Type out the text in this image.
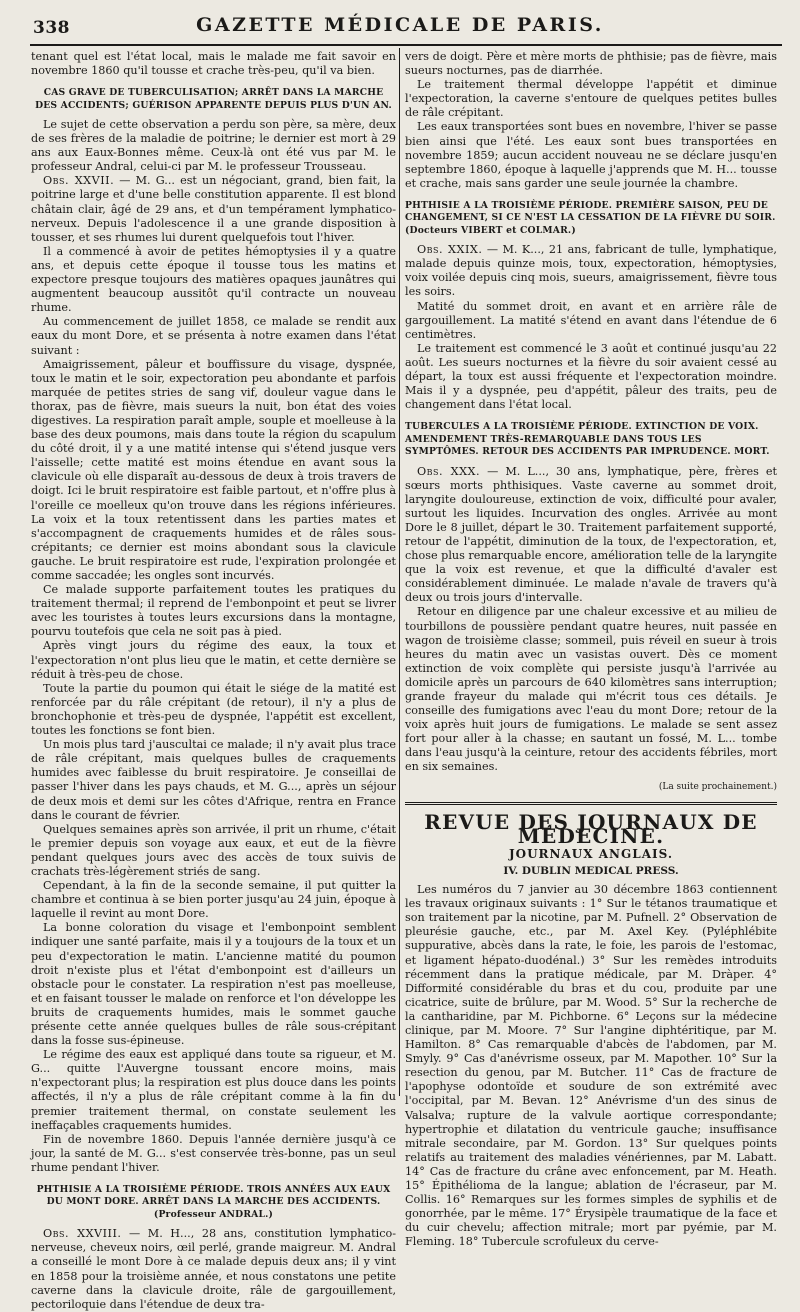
338	GAZETTE MÉDICALE DE PARIS.

tenant quel est l'état local, mais le malade me fait savoir en novembre 1860 qu'il tousse et crache très-peu, qu'il va bien.

CAS GRAVE DE TUBERCULISATION; ARRÊT DANS LA MARCHE DES ACCIDENTS; GUÉRISON APPARENTE DEPUIS PLUS D'UN AN.

Le sujet de cette observation a perdu son père, sa mère, deux de ses frères de la maladie de poitrine; le dernier est mort à 29 ans aux Eaux-Bonnes même. Ceux-là ont été vus par M. le professeur Andral, celui-ci par M. le professeur Trousseau.

Obs. XXVII. — M. G... est un négociant, grand, bien fait, la poitrine large et d'une belle constitution apparente. Il est blond châtain clair, âgé de 29 ans, et d'un tempérament lymphatico-nerveux. Depuis l'adolescence il a une grande disposition à tousser, et ses rhumes lui durent quelquefois tout l'hiver.

Il a commencé à avoir de petites hémoptysies il y a quatre ans, et depuis cette époque il tousse tous les matins et expectore presque toujours des matières opaques jaunâtres qui augmentent beaucoup aussitôt qu'il contracte un nouveau rhume.

Au commencement de juillet 1858, ce malade se rendit aux eaux du mont Dore, et se présenta à notre examen dans l'état suivant :

Amaigrissement, pâleur et bouffissure du visage, dyspnée, toux le matin et le soir, expectoration peu abondante et parfois marquée de petites stries de sang vif, douleur vague dans le thorax, pas de fièvre, mais sueurs la nuit, bon état des voies digestives. La respiration paraît ample, souple et moelleuse à la base des deux poumons, mais dans toute la région du scapulum du côté droit, il y a une matité intense qui s'étend jusque vers l'aisselle; cette matité est moins étendue en avant sous la clavicule où elle disparaît au-dessous de deux à trois travers de doigt. Ici le bruit respiratoire est faible partout, et n'offre plus à l'oreille ce moelleux qu'on trouve dans les régions inférieures. La voix et la toux retentissent dans les parties mates et s'accompagnent de craquements humides et de râles sous-crépitants; ce dernier est moins abondant sous la clavicule gauche. Le bruit respiratoire est rude, l'expiration prolongée et comme saccadée; les ongles sont incurvés.

Ce malade supporte parfaitement toutes les pratiques du traitement thermal; il reprend de l'embonpoint et peut se livrer avec les touristes à toutes leurs excursions dans la montagne, pourvu toutefois que cela ne soit pas à pied.

Après vingt jours du régime des eaux, la toux et l'expectoration n'ont plus lieu que le matin, et cette dernière se réduit à très-peu de chose.

Toute la partie du poumon qui était le siége de la matité est renforcée par du râle crépitant (de retour), il n'y a plus de bronchophonie et très-peu de dyspnée, l'appétit est excellent, toutes les fonctions se font bien.

Un mois plus tard j'auscultai ce malade; il n'y avait plus trace de râle crépitant, mais quelques bulles de craquements humides avec faiblesse du bruit respiratoire. Je conseillai de passer l'hiver dans les pays chauds, et M. G..., après un séjour de deux mois et demi sur les côtes d'Afrique, rentra en France dans le courant de février.

Quelques semaines après son arrivée, il prit un rhume, c'était le premier depuis son voyage aux eaux, et eut de la fièvre pendant quelques jours avec des accès de toux suivis de crachats très-légèrement striés de sang.

Cependant, à la fin de la seconde semaine, il put quitter la chambre et continua à se bien porter jusqu'au 24 juin, époque à laquelle il revint au mont Dore.

La bonne coloration du visage et l'embonpoint semblent indiquer une santé parfaite, mais il y a toujours de la toux et un peu d'expectoration le matin. L'ancienne matité du poumon droit n'existe plus et l'état d'embonpoint est d'ailleurs un obstacle pour le constater. La respiration n'est pas moelleuse, et en faisant tousser le malade on renforce et l'on développe les bruits de craquements humides, mais le sommet gauche présente cette année quelques bulles de râle sous-crépitant dans la fosse sus-épineuse.

Le régime des eaux est appliqué dans toute sa rigueur, et M. G... quitte l'Auvergne toussant encore moins, mais n'expectorant plus; la respiration est plus douce dans les points affectés, il n'y a plus de râle crépitant comme à la fin du premier traitement thermal, on constate seulement les ineffaçables craquements humides.

Fin de novembre 1860. Depuis l'année dernière jusqu'à ce jour, la santé de M. G... s'est conservée très-bonne, pas un seul rhume pendant l'hiver.

PHTHISIE A LA TROISIÈME PÉRIODE. TROIS ANNÉES AUX EAUX DU MONT DORE. ARRÊT DANS LA MARCHE DES ACCIDENTS. (Professeur ANDRAL.)

Obs. XXVIII. — M. H..., 28 ans, constitution lymphatico-nerveuse, cheveux noirs, œil perlé, grande maigreur. M. Andral a conseillé le mont Dore à ce malade depuis deux ans; il y vint en 1858 pour la troisième année, et nous constatons une petite caverne dans la clavicule droite, râle de gargouillement, pectoriloquie dans l'étendue de deux tra-

vers de doigt. Père et mère morts de phthisie; pas de fièvre, mais sueurs nocturnes, pas de diarrhée.

Le traitement thermal développe l'appétit et diminue l'expectoration, la caverne s'entoure de quelques petites bulles de râle crépitant.

Les eaux transportées sont bues en novembre, l'hiver se passe bien ainsi que l'été. Les eaux sont bues transportées en novembre 1859; aucun accident nouveau ne se déclare jusqu'en septembre 1860, époque à laquelle j'apprends que M. H... tousse et crache, mais sans garder une seule journée la chambre.

PHTHISIE A LA TROISIÈME PÉRIODE. PREMIÈRE SAISON, PEU DE CHANGEMENT, SI CE N'EST LA CESSATION DE LA FIÈVRE DU SOIR. (Docteurs VIBERT et COLMAR.)

Obs. XXIX. — M. K..., 21 ans, fabricant de tulle, lymphatique, malade depuis quinze mois, toux, expectoration, hémoptysies, voix voilée depuis cinq mois, sueurs, amaigrissement, fièvre tous les soirs.

Matité du sommet droit, en avant et en arrière râle de gargouillement. La matité s'étend en avant dans l'étendue de 6 centimètres.

Le traitement est commencé le 3 août et continué jusqu'au 22 août. Les sueurs nocturnes et la fièvre du soir avaient cessé au départ, la toux est aussi fréquente et l'expectoration moindre. Mais il y a dyspnée, peu d'appétit, pâleur des traits, peu de changement dans l'état local.

TUBERCULES A LA TROISIÈME PÉRIODE. EXTINCTION DE VOIX. AMENDEMENT TRÈS-REMARQUABLE DANS TOUS LES SYMPTÔMES. RETOUR DES ACCIDENTS PAR IMPRUDENCE. MORT.

Obs. XXX. — M. L..., 30 ans, lymphatique, père, frères et sœurs morts phthisiques. Vaste caverne au sommet droit, laryngite douloureuse, extinction de voix, difficulté pour avaler, surtout les liquides. Incurvation des ongles. Arrivée au mont Dore le 8 juillet, départ le 30. Traitement parfaitement supporté, retour de l'appétit, diminution de la toux, de l'expectoration, et, chose plus remarquable encore, amélioration telle de la laryngite que la voix est revenue, et que la difficulté d'avaler est considérablement diminuée. Le malade n'avale de travers qu'à deux ou trois jours d'intervalle.

Retour en diligence par une chaleur excessive et au milieu de tourbillons de poussière pendant quatre heures, nuit passée en wagon de troisième classe; sommeil, puis réveil en sueur à trois heures du matin avec un vasistas ouvert. Dès ce moment extinction de voix complète qui persiste jusqu'à l'arrivée au domicile après un parcours de 640 kilomètres sans interruption; grande frayeur du malade qui m'écrit tous ces détails. Je conseille des fumigations avec l'eau du mont Dore; retour de la voix après huit jours de fumigations. Le malade se sent assez fort pour aller à la chasse; en sautant un fossé, M. L... tombe dans l'eau jusqu'à la ceinture, retour des accidents fébriles, mort en six semaines.

(La suite prochainement.)
REVUE DES JOURNAUX DE MÉDECINE.
JOURNAUX ANGLAIS.
IV. DUBLIN MEDICAL PRESS.

Les numéros du 7 janvier au 30 décembre 1863 contiennent les travaux originaux suivants : 1° Sur le tétanos traumatique et son traitement par la nicotine, par M. Pufnell. 2° Observation de pleurésie gauche, etc., par M. Axel Key. (Pyléphlébite suppurative, abcès dans la rate, le foie, les parois de l'estomac, et ligament hépato-duodénal.) 3° Sur les remèdes introduits récemment dans la pratique médicale, par M. Dràper. 4° Difformité considérable du bras et du cou, produite par une cicatrice, suite de brûlure, par M. Wood. 5° Sur la recherche de la cantharidine, par M. Pichborne. 6° Leçons sur la médecine clinique, par M. Moore. 7° Sur l'angine diphtéritique, par M. Hamilton. 8° Cas remarquable d'abcès de l'abdomen, par M. Smyly. 9° Cas d'anévrisme osseux, par M. Mapother. 10° Sur la resection du genou, par M. Butcher. 11° Cas de fracture de l'apophyse odontoïde et soudure de son extrémité avec l'occipital, par M. Bevan. 12° Anévrisme d'un des sinus de Valsalva; rupture de la valvule aortique correspondante; hypertrophie et dilatation du ventricule gauche; insuffisance mitrale secondaire, par M. Gordon. 13° Sur quelques points relatifs au traitement des maladies vénériennes, par M. Labatt. 14° Cas de fracture du crâne avec enfoncement, par M. Heath. 15° Épithélioma de la langue; ablation de l'écraseur, par M. Collis. 16° Remarques sur les formes simples de syphilis et de gonorrhée, par le même. 17° Érysipèle traumatique de la face et du cuir chevelu; affection mitrale; mort par pyémie, par M. Fleming. 18° Tubercule scrofuleux du cerve-
